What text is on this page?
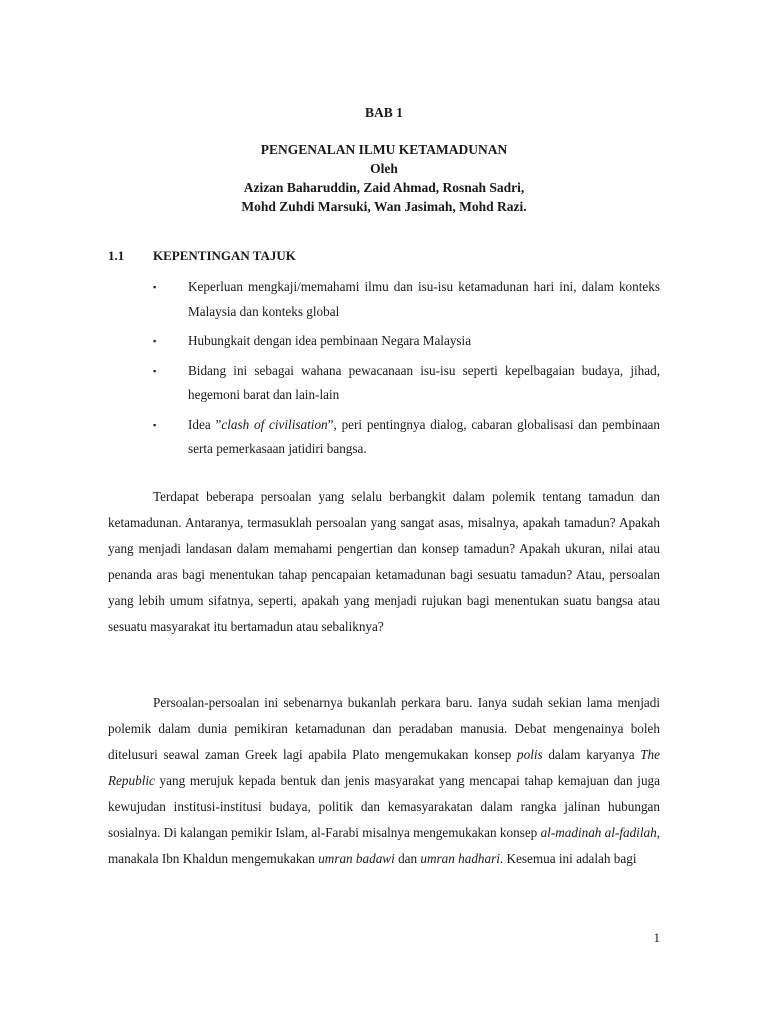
BAB 1
PENGENALAN ILMU KETAMADUNAN
Oleh
Azizan Baharuddin, Zaid Ahmad, Rosnah Sadri,
Mohd Zuhdi Marsuki, Wan Jasimah, Mohd Razi.
1.1 KEPENTINGAN TAJUK
▪ Keperluan mengkaji/memahami ilmu dan isu-isu ketamadunan hari ini, dalam konteks Malaysia dan konteks global
▪ Hubungkait dengan idea pembinaan Negara Malaysia
▪ Bidang ini sebagai wahana pewacanaan isu-isu seperti kepelbagaian budaya, jihad, hegemoni barat dan lain-lain
▪ Idea ”clash of civilisation”, peri pentingnya dialog, cabaran globalisasi dan pembinaan serta pemerkasaan jatidiri bangsa.

Terdapat beberapa persoalan yang selalu berbangkit dalam polemik tentang tamadun dan ketamadunan. Antaranya, termasuklah persoalan yang sangat asas, misalnya, apakah tamadun? Apakah yang menjadi landasan dalam memahami pengertian dan konsep tamadun? Apakah ukuran, nilai atau penanda aras bagi menentukan tahap pencapaian ketamadunan bagi sesuatu tamadun? Atau, persoalan yang lebih umum sifatnya, seperti, apakah yang menjadi rujukan bagi menentukan suatu bangsa atau sesuatu masyarakat itu bertamadun atau sebaliknya?

Persoalan-persoalan ini sebenarnya bukanlah perkara baru. Ianya sudah sekian lama menjadi polemik dalam dunia pemikiran ketamadunan dan peradaban manusia. Debat mengenainya boleh ditelusuri seawal zaman Greek lagi apabila Plato mengemukakan konsep polis dalam karyanya The Republic yang merujuk kepada bentuk dan jenis masyarakat yang mencapai tahap kemajuan dan juga kewujudan institusi-institusi budaya, politik dan kemasyarakatan dalam rangka jalinan hubungan sosialnya. Di kalangan pemikir Islam, al-Farabi misalnya mengemukakan konsep al-madinah al-fadilah, manakala Ibn Khaldun mengemukakan umran badawi dan umran hadhari. Kesemua ini adalah bagi

1
